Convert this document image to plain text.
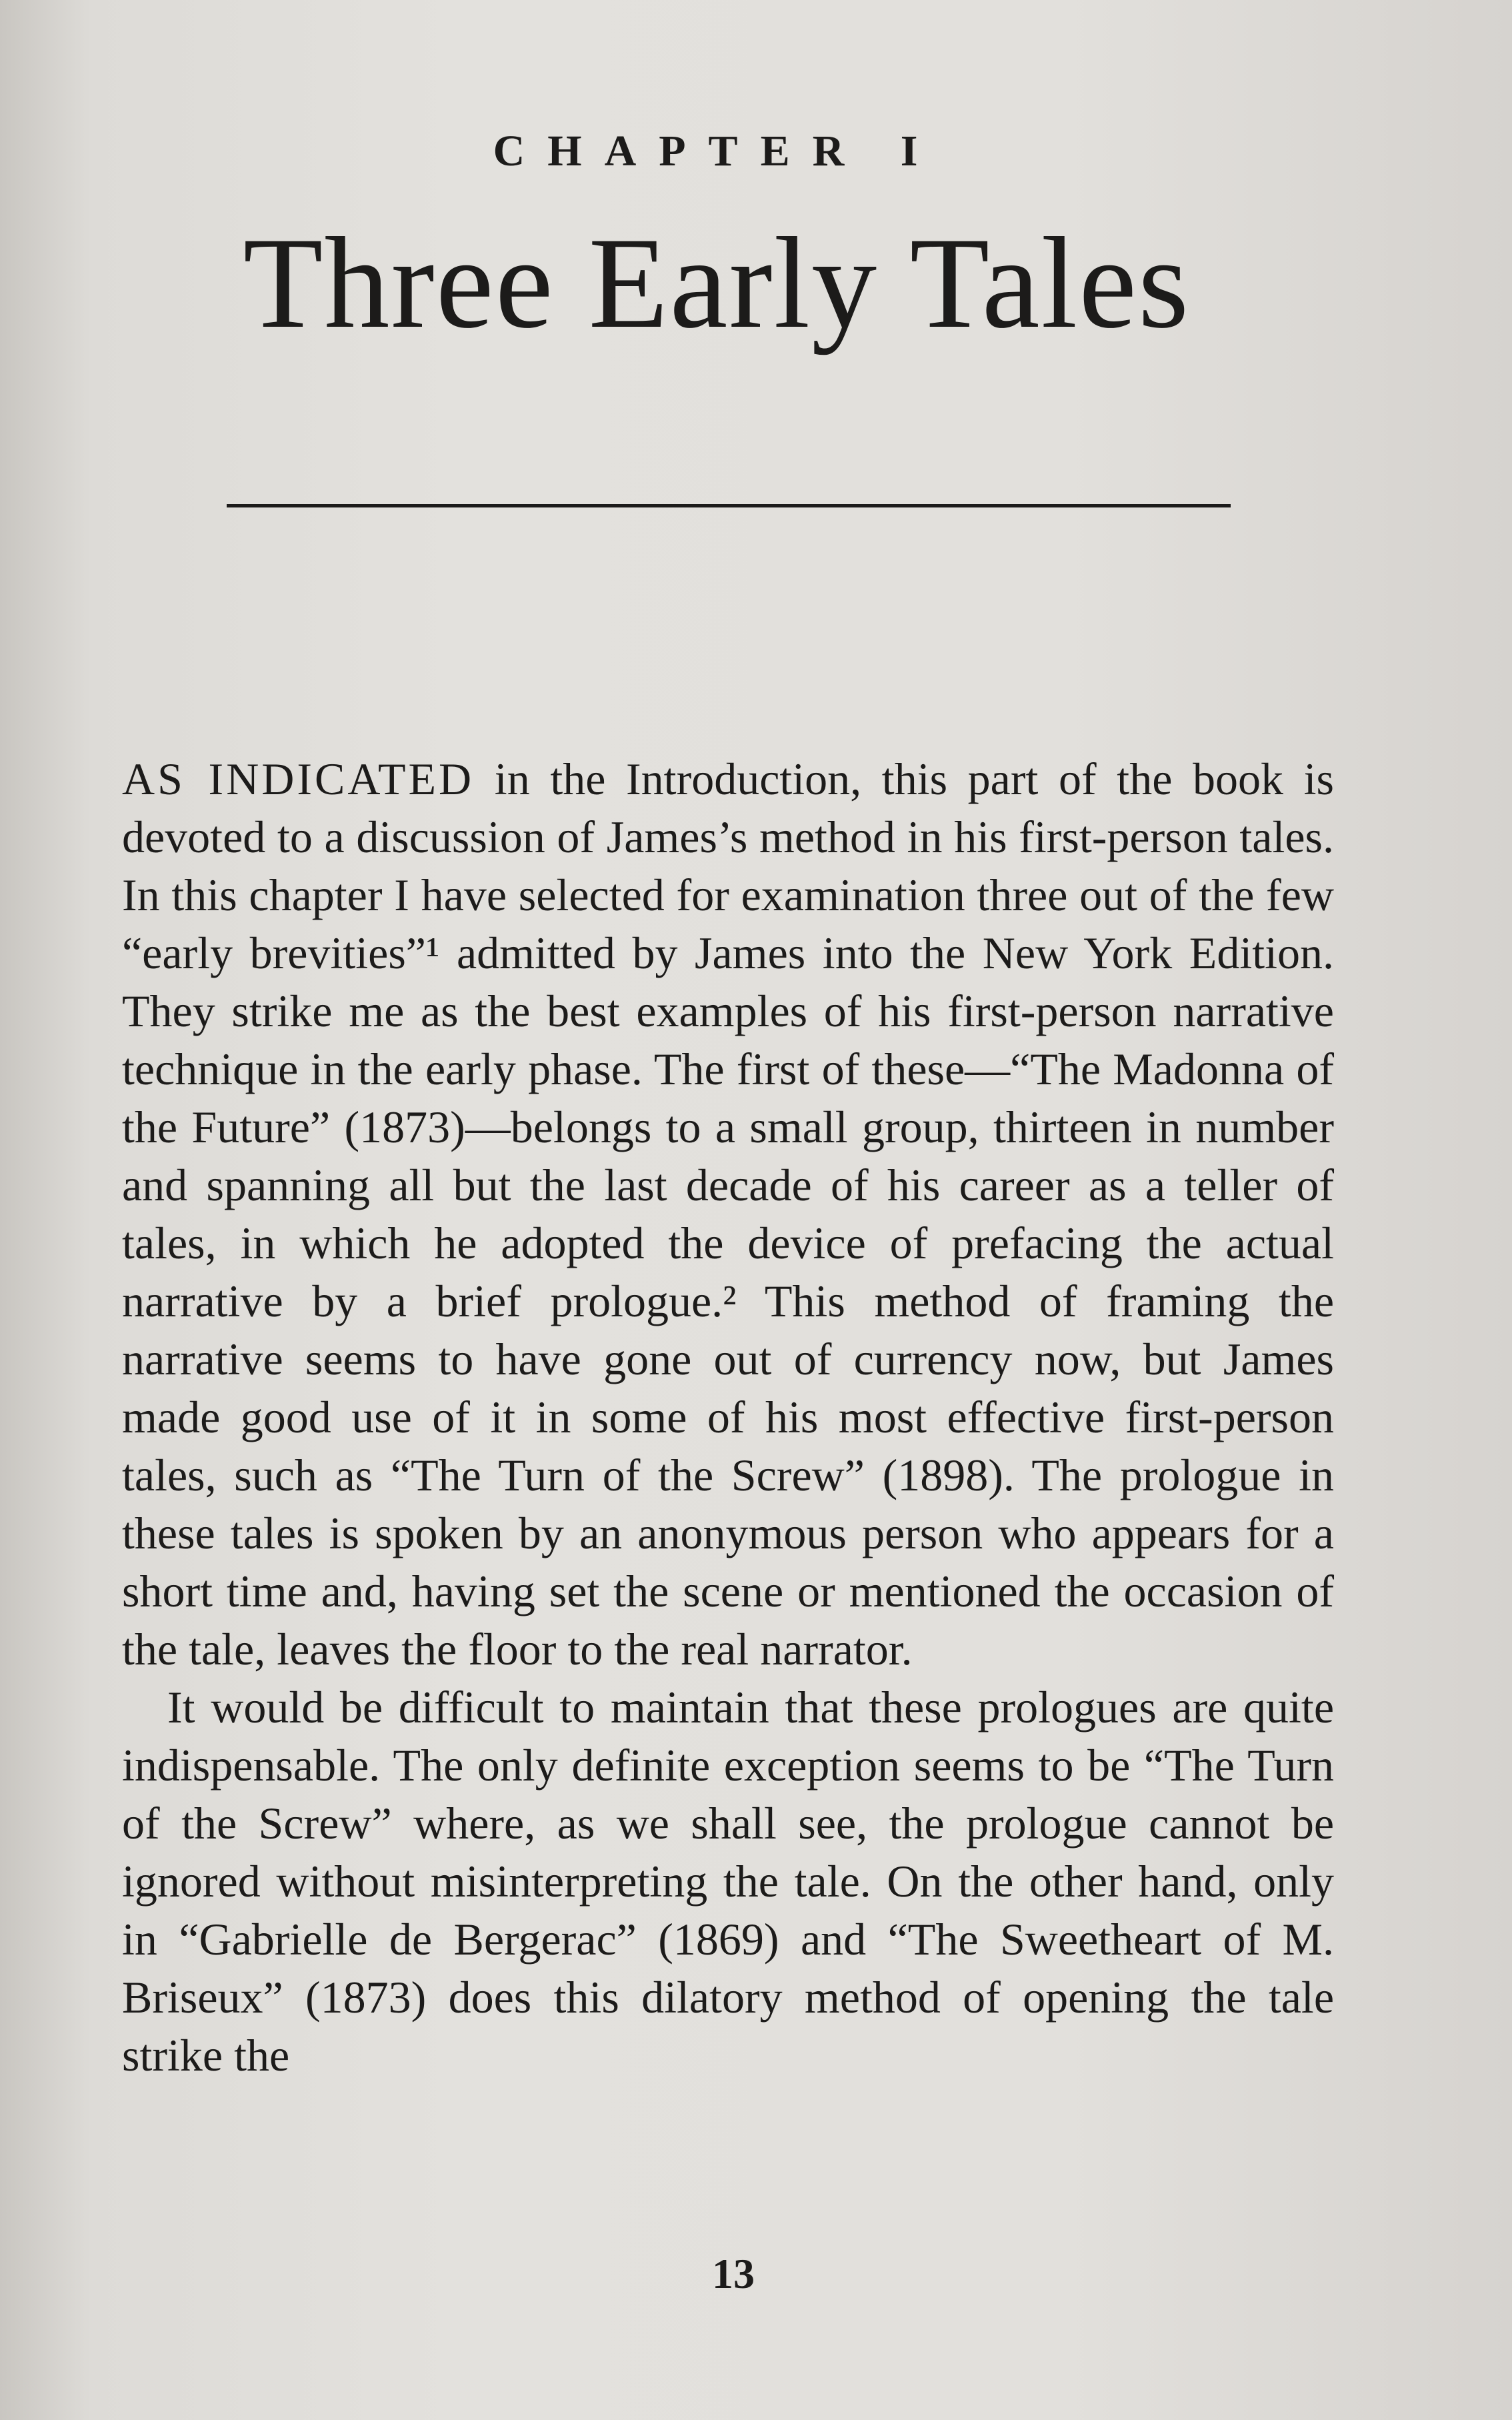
CHAPTER I
Three Early Tales

AS INDICATED in the Introduction, this part of the book is devoted to a discussion of James’s method in his first-person tales. In this chapter I have selected for examination three out of the few “early brevities”¹ admitted by James into the New York Edition. They strike me as the best examples of his first-person narrative technique in the early phase. The first of these—“The Madonna of the Future” (1873)—belongs to a small group, thirteen in number and spanning all but the last decade of his career as a teller of tales, in which he adopted the device of prefacing the actual narrative by a brief prologue.² This method of framing the narrative seems to have gone out of currency now, but James made good use of it in some of his most effective first-person tales, such as “The Turn of the Screw” (1898). The prologue in these tales is spoken by an anonymous person who appears for a short time and, having set the scene or mentioned the occasion of the tale, leaves the floor to the real narrator.

It would be difficult to maintain that these prologues are quite indispensable. The only definite exception seems to be “The Turn of the Screw” where, as we shall see, the prologue cannot be ignored without misinterpreting the tale. On the other hand, only in “Gabrielle de Bergerac” (1869) and “The Sweetheart of M. Briseux” (1873) does this dilatory method of opening the tale strike the

13
